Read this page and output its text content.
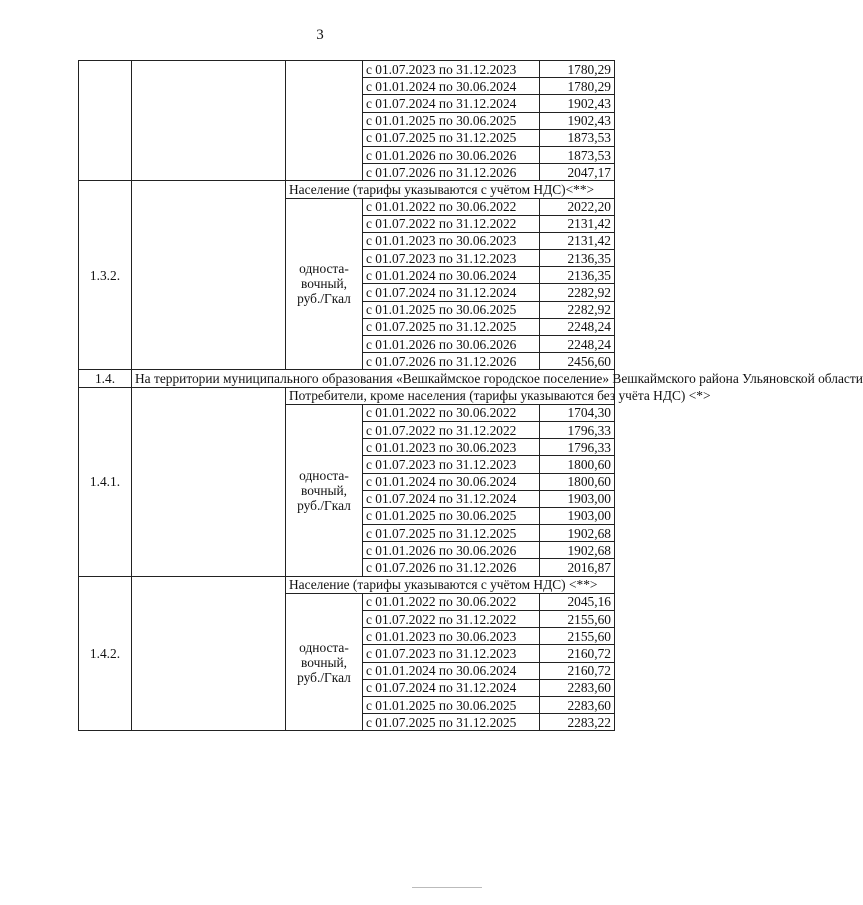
3
			с 01.07.2023 по 31.12.2023	1780,29
			с 01.01.2024 по 30.06.2024	1780,29
			с 01.07.2024 по 31.12.2024	1902,43
			с 01.01.2025 по 30.06.2025	1902,43
			с 01.07.2025 по 31.12.2025	1873,53
			с 01.01.2026 по 30.06.2026	1873,53
			с 01.07.2026 по 31.12.2026	2047,17
1.3.2.		Население (тарифы указываются с учётом НДС)<**>		

		односта-
вочный,
руб./Гкал	с 01.01.2022 по 30.06.2022	2022,20
			с 01.07.2022 по 31.12.2022	2131,42
			с 01.01.2023 по 30.06.2023	2131,42
			с 01.07.2023 по 31.12.2023	2136,35
			с 01.01.2024 по 30.06.2024	2136,35
			с 01.07.2024 по 31.12.2024	2282,92
			с 01.01.2025 по 30.06.2025	2282,92
			с 01.07.2025 по 31.12.2025	2248,24
			с 01.01.2026 по 30.06.2026	2248,24
			с 01.07.2026 по 31.12.2026	2456,60
1.4.	На территории муниципального образования «Вешкаймское городское поселение» Вешкаймского района Ульяновской области			
1.4.1.		Потребители, кроме населения (тарифы указываются без учёта НДС) <*>		

		односта-
вочный,
руб./Гкал	с 01.01.2022 по 30.06.2022	1704,30
			с 01.07.2022 по 31.12.2022	1796,33
			с 01.01.2023 по 30.06.2023	1796,33
			с 01.07.2023 по 31.12.2023	1800,60
			с 01.01.2024 по 30.06.2024	1800,60
			с 01.07.2024 по 31.12.2024	1903,00
			с 01.01.2025 по 30.06.2025	1903,00
			с 01.07.2025 по 31.12.2025	1902,68
			с 01.01.2026 по 30.06.2026	1902,68
			с 01.07.2026 по 31.12.2026	2016,87
1.4.2.		Население (тарифы указываются с учётом НДС) <**>		

		односта-
вочный,
руб./Гкал	с 01.01.2022 по 30.06.2022	2045,16
			с 01.07.2022 по 31.12.2022	2155,60
			с 01.01.2023 по 30.06.2023	2155,60
			с 01.07.2023 по 31.12.2023	2160,72
			с 01.01.2024 по 30.06.2024	2160,72
			с 01.07.2024 по 31.12.2024	2283,60
			с 01.01.2025 по 30.06.2025	2283,60
			с 01.07.2025 по 31.12.2025	2283,22
